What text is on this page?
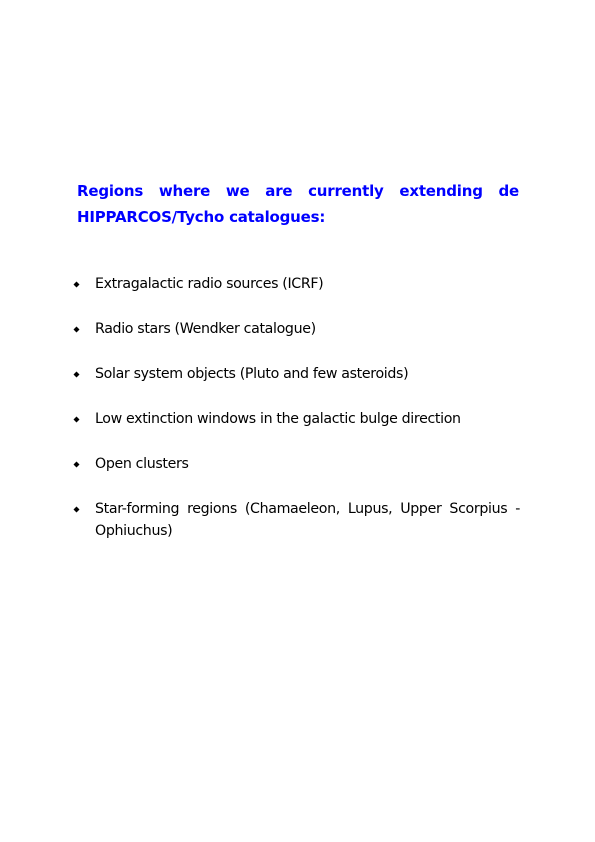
Regions where we are currently extending de HIPPARCOS/Tycho catalogues:

Extragalactic radio sources (ICRF)
Radio stars (Wendker catalogue)
Solar system objects (Pluto and few asteroids)
Low extinction windows in the galactic bulge direction
Open clusters
Star-forming regions (Chamaeleon, Lupus, Upper Scorpius - Ophiuchus)
